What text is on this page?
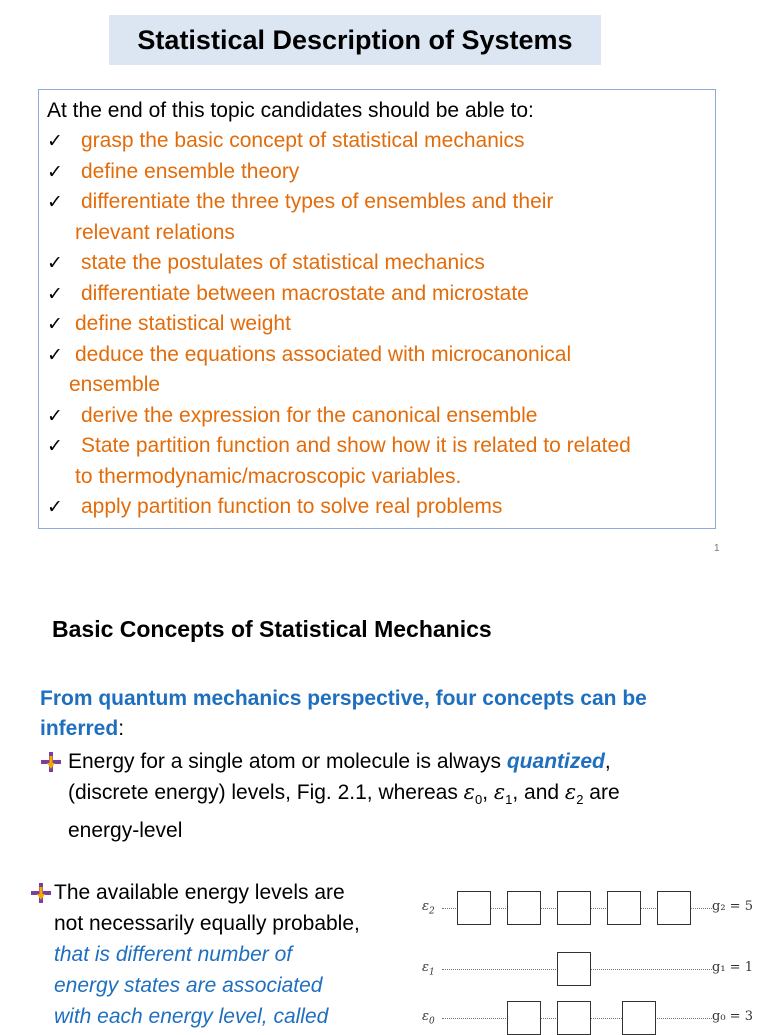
Statistical Description of Systems
At the end of this topic candidates should be able to:
✓ grasp the basic concept of statistical mechanics
✓ define ensemble theory
✓ differentiate the three types of ensembles and their
relevant relations
✓ state the postulates of statistical mechanics
✓ differentiate between macrostate and microstate
✓ define statistical weight
✓ deduce the equations associated with microcanonical
ensemble
✓ derive the expression for the canonical ensemble
✓ State partition function and show how it is related to related
to thermodynamic/macroscopic variables.
✓ apply partition function to solve real problems
1
Basic Concepts of Statistical Mechanics
From quantum mechanics perspective, four concepts can be inferred:
Energy for a single atom or molecule is always quantized,
(discrete energy) levels, Fig. 2.1, whereas $\varepsilon_0$, $\varepsilon_1$, and $\varepsilon_2$ are
energy-level
The available energy levels are
not necessarily equally probable,
that is different number of
energy states are associated
with each energy level, called
$\varepsilon_2$	g₂ = 5
$\varepsilon_1$	g₁ = 1
$\varepsilon_0$	g₀ = 3
